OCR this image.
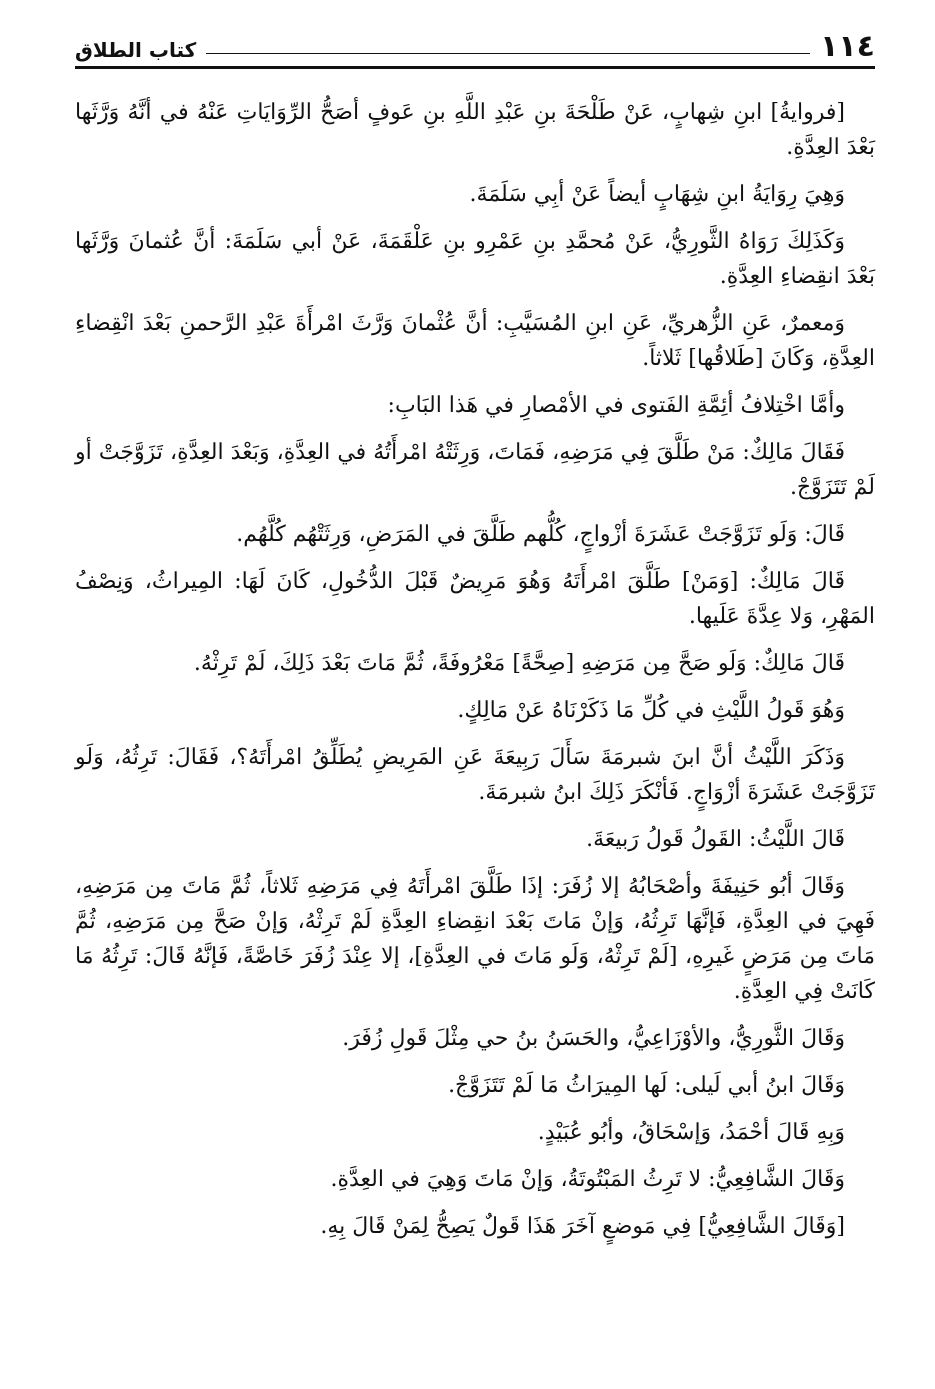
١١٤
كتاب الطلاق

[فروايةُ] ابنِ شِهابٍ، عَنْ طَلْحَةَ بنِ عَبْدِ اللَّهِ بنِ عَوفٍ أصَحُّ الرِّوَايَاتِ عَنْهُ في أنَّهُ وَرَّثَها بَعْدَ العِدَّةِ.

وَهِيَ رِوَايَةُ ابنِ شِهَابٍ أيضاً عَنْ أبِي سَلَمَةَ.

وَكَذَلِكَ رَوَاهُ الثَّورِيُّ، عَنْ مُحمَّدِ بنِ عَمْرِو بنِ عَلْقَمَةَ، عَنْ أبي سَلَمَةَ: أنَّ عُثمانَ وَرَّثَها بَعْدَ انقِضاءِ العِدَّةِ.

وَمعمرٌ، عَنِ الزُّهريِّ، عَنِ ابنِ المُسَيَّبِ: أنَّ عُثْمانَ وَرَّثَ امْرأَةَ عَبْدِ الرَّحمنِ بَعْدَ انْقِضاءِ العِدَّةِ، وَكَانَ [طَلاقُها] ثَلاثاً.

وأمَّا اخْتِلافُ أئِمَّةِ الفَتوى في الأمْصارِ في هَذا البَابِ:

فَقَالَ مَالِكٌ: مَنْ طَلَّقَ فِي مَرَضِهِ، فَمَاتَ، وَرِثَتْهُ امْرأَتُهُ في العِدَّةِ، وَبَعْدَ العِدَّةِ، تَزَوَّجَتْ أو لَمْ تَتَزَوَّجْ.

قَالَ: وَلَو تَزَوَّجَتْ عَشَرَةَ أزْواجٍ، كُلُّهم طَلَّقَ في المَرَضِ، وَرِثَتْهُم كُلَّهُم.

قَالَ مَالِكٌ: [وَمَنْ] طَلَّقَ امْرأَتَهُ وَهُوَ مَرِيضٌ قَبْلَ الدُّخُولِ، كَانَ لَهَا: المِيراثُ، وَنِصْفُ المَهْرِ، وَلا عِدَّةَ عَلَيها.

قَالَ مَالِكٌ: وَلَو صَحَّ مِن مَرَضِهِ [صِحَّةً] مَعْرُوفَةً، ثُمَّ مَاتَ بَعْدَ ذَلِكَ، لَمْ تَرِثْهُ.

وَهُوَ قَولُ اللَّيْثِ في كُلِّ مَا ذَكَرْنَاهُ عَنْ مَالِكٍ.

وَذَكَرَ اللَّيْثُ أنَّ ابنَ شبرمَةَ سَأَلَ رَبِيعَةَ عَنِ المَرِيضِ يُطَلِّقُ امْرأَتَهُ؟، فَقَالَ: تَرِثُهُ، وَلَو تَزَوَّجَتْ عَشَرَةَ أزْوَاجٍ. فَأنْكَرَ ذَلِكَ ابنُ شبرمَةَ.

قَالَ اللَّيْثُ: القَولُ قَولُ رَبيعَةَ.

وَقَالَ أبُو حَنِيفَةَ وأصْحَابُهُ إلا زُفَرَ: إذَا طَلَّقَ امْرأَتَهُ فِي مَرَضِهِ ثَلاثاً، ثُمَّ مَاتَ مِن مَرَضِهِ، فَهِيَ في العِدَّةِ، فَإنَّهَا تَرِثُهُ، وَإنْ مَاتَ بَعْدَ انقِضاءِ العِدَّةِ لَمْ تَرِثْهُ، وَإنْ صَحَّ مِن مَرَضِهِ، ثُمَّ مَاتَ مِن مَرَضٍ غَيرِهِ، [لَمْ تَرِثْهُ، وَلَو مَاتَ في العِدَّةِ]، إلا عِنْدَ زُفَرَ خَاصَّةً، فَإنَّهُ قَالَ: تَرِثُهُ مَا كَانَتْ فِي العِدَّةِ.

وَقَالَ الثَّورِيُّ، والأوْزَاعِيُّ، والحَسَنُ بنُ حي مِثْلَ قَولِ زُفَرَ.

وَقَالَ ابنُ أبي لَيلى: لَها المِيرَاثُ مَا لَمْ تَتَزَوَّجْ.

وَبِهِ قَالَ أحْمَدُ، وَإسْحَاقُ، وأبُو عُبَيْدٍ.

وَقَالَ الشَّافِعِيُّ: لا تَرِثُ المَبْتُوتَةُ، وَإنْ مَاتَ وَهِيَ في العِدَّةِ.

[وَقَالَ الشَّافِعِيُّ] فِي مَوضعٍ آخَرَ هَذَا قَولٌ يَصِحُّ لِمَنْ قَالَ بِهِ.
